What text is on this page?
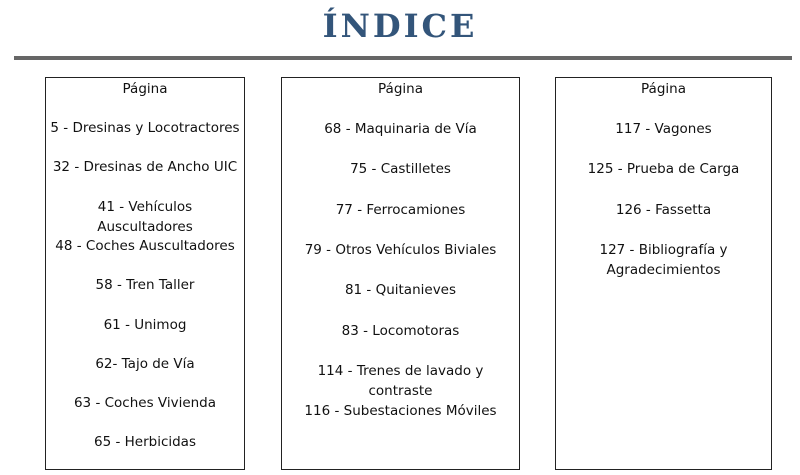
ÍNDICE
Página
5 - Dresinas y Locotractores
32 - Dresinas de Ancho UIC
41 - Vehículos Auscultadores
48 - Coches Auscultadores
58 - Tren Taller
61 - Unimog
62- Tajo de Vía
63 - Coches Vivienda
65 - Herbicidas
Página
68 - Maquinaria de Vía
75 - Castilletes
77 - Ferrocamiones
79 - Otros Vehículos Biviales
81 - Quitanieves
83 - Locomotoras
114 - Trenes de lavado y contraste
116 - Subestaciones Móviles
Página
117 - Vagones
125 - Prueba de Carga
126 - Fassetta
127 - Bibliografía y Agradecimientos
